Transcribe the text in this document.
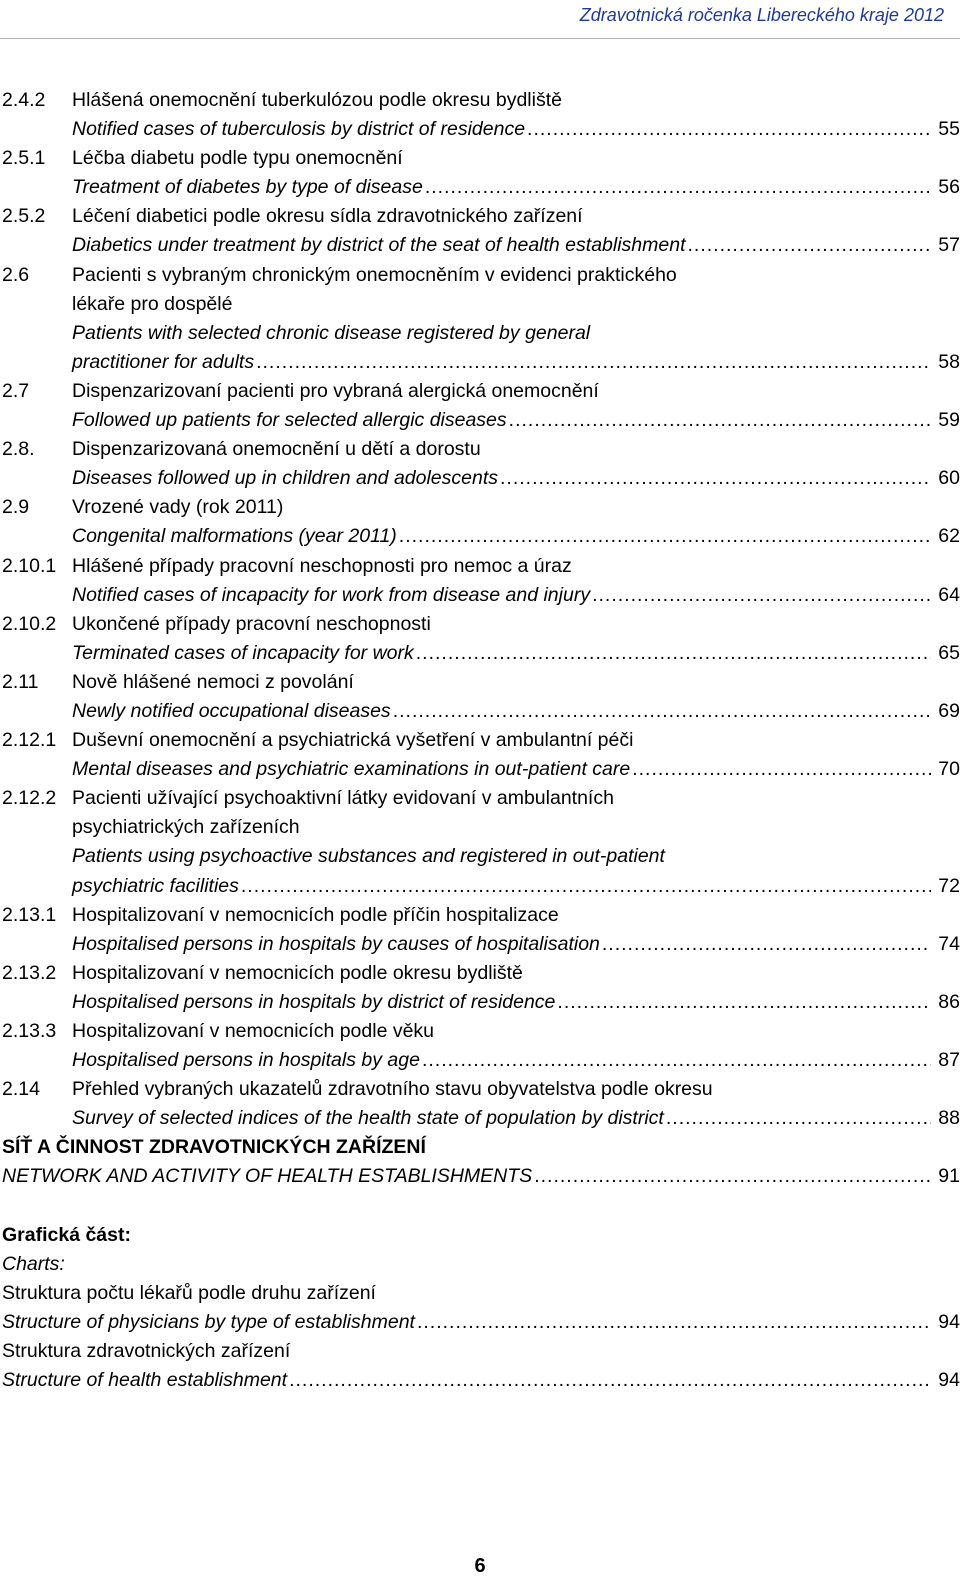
Zdravotnická ročenka Libereckého kraje 2012
2.4.2 Hlášená onemocnění tuberkulózou podle okresu bydliště
Notified cases of tuberculosis by district of residence .....	55
2.5.1 Léčba diabetu podle typu onemocnění
Treatment of diabetes by type of disease .....	56
2.5.2 Léčení diabetici podle okresu sídla zdravotnického zařízení
Diabetics under treatment by district of the seat of health establishment .....	57
2.6 Pacienti s vybraným chronickým onemocněním v evidenci praktického
lékaře pro dospělé
Patients with selected chronic disease registered by general
practitioner for adults .....	58
2.7 Dispenzarizovaní pacienti pro vybraná alergická onemocnění
Followed up patients for selected allergic diseases .....	59
2.8. Dispenzarizovaná onemocnění u dětí a dorostu
Diseases followed up in children and adolescents .....	60
2.9 Vrozené vady (rok 2011)
Congenital malformations (year 2011) .....	62
2.10.1 Hlášené případy pracovní neschopnosti pro nemoc a úraz
Notified cases of incapacity for work from disease and injury .....	64
2.10.2 Ukončené případy pracovní neschopnosti
Terminated cases of incapacity for work .....	65
2.11 Nově hlášené nemoci z povolání
Newly notified occupational diseases .....	69
2.12.1 Duševní onemocnění a psychiatrická vyšetření v ambulantní péči
Mental diseases and psychiatric examinations in out-patient care .....	70
2.12.2 Pacienti užívající psychoaktivní látky evidovaní v ambulantních
psychiatrických zařízeních
Patients using psychoactive substances and registered in out-patient
psychiatric facilities .....	72
2.13.1 Hospitalizovaní v nemocnicích podle příčin hospitalizace
Hospitalised persons in hospitals by causes of hospitalisation .....	74
2.13.2 Hospitalizovaní v nemocnicích podle okresu bydliště
Hospitalised persons in hospitals by district of residence .....	86
2.13.3 Hospitalizovaní v nemocnicích podle věku
Hospitalised persons in hospitals by age .....	87
2.14 Přehled vybraných ukazatelů zdravotního stavu obyvatelstva podle okresu
Survey of selected indices of the health state of population by district .....	88
SÍŤ A ČINNOST ZDRAVOTNICKÝCH ZAŘÍZENÍ
NETWORK AND ACTIVITY OF HEALTH ESTABLISHMENTS .....	91
Grafická část:
Charts:
Struktura počtu lékařů podle druhu zařízení
Structure of physicians by type of establishment .....	94
Struktura zdravotnických zařízení
Structure of health establishment .....	94
6
